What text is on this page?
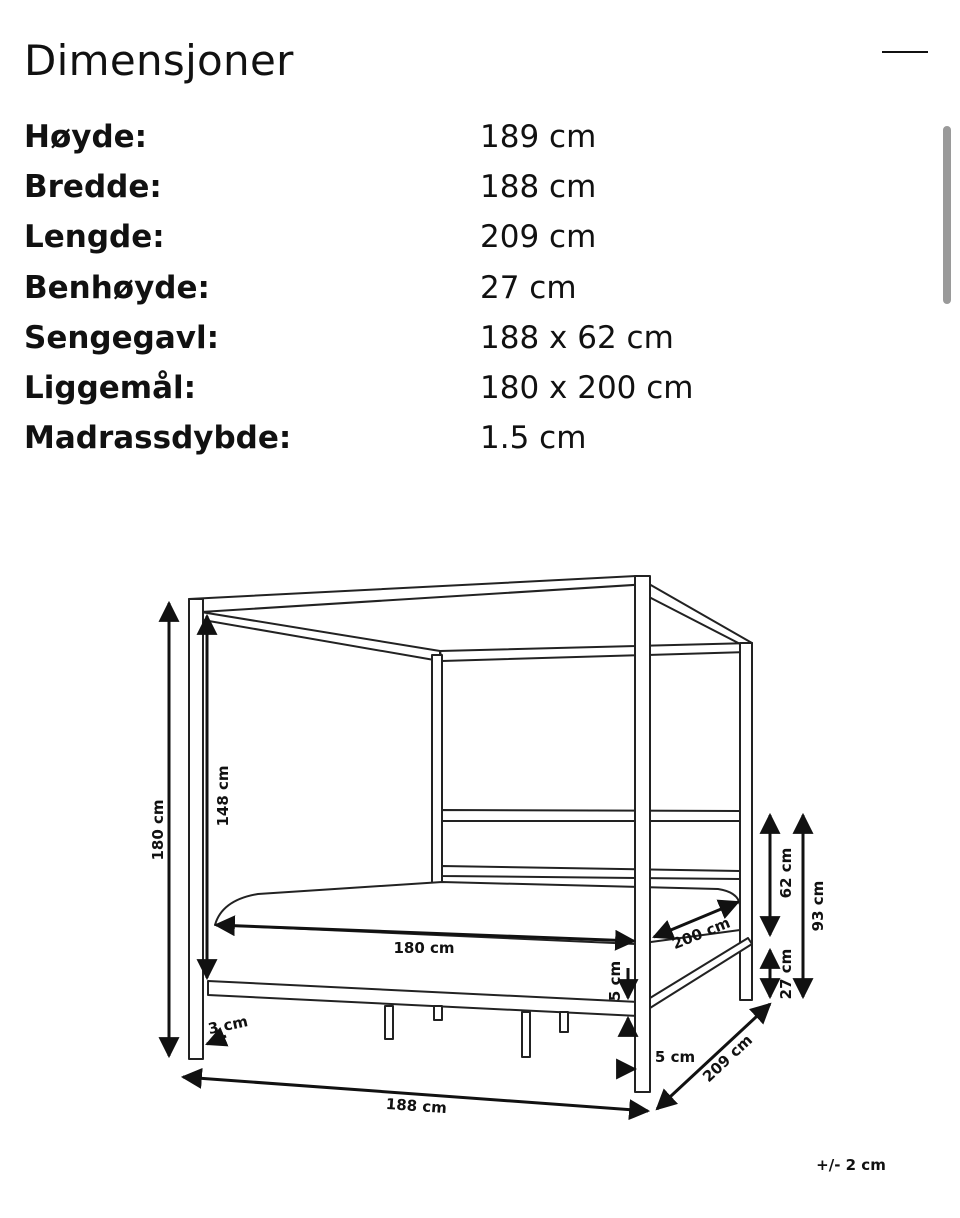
Dimensjoner
Høyde:	189 cm
Bredde:	188 cm
Lengde:	209 cm
Benhøyde:	27 cm
Sengegavl:	188 x 62 cm
Liggemål:	180 x 200 cm
Madrassdybde:	1.5 cm
180 cm
148 cm
180 cm	200 cm
62 cm
27 cm
93 cm
5 cm
3 cm
5 cm
188 cm
209 cm
+/- 2 cm
